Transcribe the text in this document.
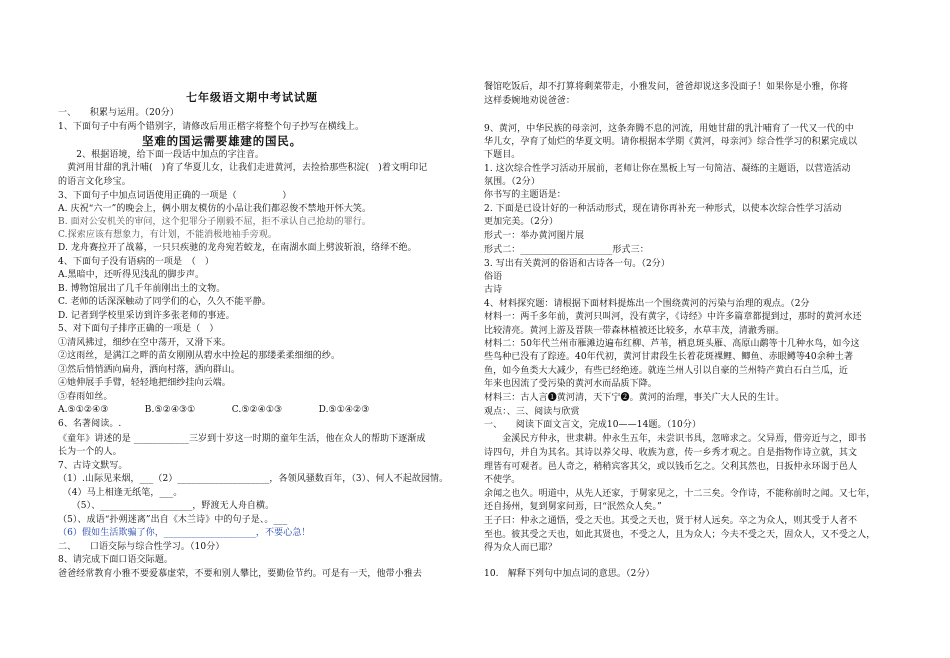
七年级语文期中考试试题
一、　　积累与运用。（20分）
1、下面句子中有两个错别字，请修改后用正楷字将整个句子抄写在横线上。
坚难的国运需要雄建的国民。
　　2、根据语境，给下面一段话中加点的字注音。
　黄河用甘甜的乳汁哺(　)育了华夏儿女，让我们走进黄河，去捡拾那些积淀(　)着文明印记
的语言文化珍宝。
3、下面句子中加点词语使用正确的一项是（　　　　　）
A. 庆祝“六一”的晚会上，俩小朋友模仿的小品让我们都忍俊不禁地开怀大笑。
B. 面对公安机关的审问，这个犯罪分子刚毅不屈，拒不承认自己抢劫的罪行。
C.探索应该有想象力，有计划，不能消极地袖手旁观。
D. 龙舟赛拉开了战幕，一只只疾驰的龙舟宛若蛟龙，在南湖水面上劈波斩浪，络绎不绝。
4、下面句子没有语病的一项是　（　）
A.黑暗中，还听得见浅乱的脚步声。
B. 博物馆展出了几千年前刚出土的文物。
C. 老师的话深深触动了同学们的心，久久不能平静。
D. 记者到学校里采访到许多张老师的事迹。
5、对下面句子排序正确的一项是（　）
①清风拂过，细纱在空中荡开，又滑下来。
②这雨丝，是满江之畔的苗女刚刚从碧水中捡起的那缕柔柔细细的纱。
③然后悄悄洒向扁舟，洒向村落，洒向群山。
④她伸展手手臂，轻轻地把细纱挂向云端。
⑤春雨如丝。
A.⑤①②④③　　　　B.⑤②④③①　　　　C.⑤②④①③　　　　D.⑤①④②③
6、名著阅读。.
《童年》讲述的是 ____________三岁到十岁这一时期的童年生活，他在众人的帮助下逐渐成
长为一个的人。
7、古诗文默写。
（1）.山际见来烟，___（2）____________________，各领风骚数百年，（3）、何人不起故园情。
　（4）马上相逢无纸笔，___。
　　（5）、____________________，野渡无人舟自横。
（5）、成语“扑朔迷离”出自《木兰诗》中的句子是、。___
（6）假如生活欺骗了你，____________________，不要心急！
二、　　口语交际与综合性学习。（10分）
8、请完成下面口语交际题。
爸爸经常教育小雅不要爱慕虚荣，不要和别人攀比，要勤俭节约。可是有一天，他带小雅去
餐馆吃饭后，却不打算将剩菜带走，小雅发问，爸爸却说这多没面子！如果你是小雅，你将
这样委婉地劝说爸爸：
9、黄河，中华民族的母亲河，这条奔腾不息的河流，用她甘甜的乳汁哺育了一代又一代的中
华儿女，孕育了灿烂的华夏文明。请你根据本学期《黄河，母亲河》综合性学习的积累完成以
下题目。
1. 这次综合性学习活动开展前，老师让你在黑板上写一句简洁、凝练的主题语，以营造活动
氛围。（2分）
你书写的主题语是：
2. 下面是已设计好的一种活动形式，现在请你再补充一种形式，以使本次综合性学习活动
更加完美。（2分）
形式一：举办黄河图片展
形式二：____________________形式三：
3. 写出有关黄河的俗语和古诗各一句。（2分）
俗语
古诗
4、材料探究题：请根据下面材料提炼出一个围绕黄河的污染与治理的观点。（2分
材料一：两千多年前，黄河只叫河，没有黄字，《诗经》中许多篇章都提到过，那时的黄河水还
比较清亮。黄河上游及晋陕一带森林植被还比较多，水草丰茂，清澈秀丽。
材料二：50年代兰州市雁滩边遍布红柳、芦苇，栖息斑头雁、高原山鹬等十几种水鸟，如今这
些鸟种已没有了踪迹。40年代初，黄河甘肃段生长着花斑裸鲤、鲫鱼、赤眼鳟等40余种土著
鱼，如今鱼类大大减少，有些已经绝迹。就连兰州人引以自豪的兰州特产黄白石白兰瓜，近
年来也因流了受污染的黄河水而品质下降。
材料三：古人言❶黄河清，天下宁❷。黄河的治理，事关广大人民的生计。
观点：、三、阅读与欣赏
一、　　阅读下面文言文，完成10——14题。（10分）
　　金溪民方仲永，世隶耕。仲永生五年，未尝识书具，忽啼求之。父异焉，借旁近与之，即书
诗四句，并自为其名。其诗以养父母、收族为意，传一乡秀才观之。自是指物作诗立就，其文
理皆有可观者。邑人奇之，稍稍宾客其父，或以钱币乞之。父利其然也，日扳仲永环谒于邑人
不使学。
余闻之也久。明道中，从先人还家，于舅家见之，十二三矣。令作诗，不能称前时之闻。又七年，
还自扬州，复到舅家问焉，曰“泯然众人矣。”
王子曰：仲永之通悟，受之天也。其受之天也，贤于材人远矣。卒之为众人，则其受于人者不
至也。彼其受之天也，如此其贤也，不受之人，且为众人；今夫不受之天，固众人，又不受之人，
得为众人而已耶？
10.　解释下列句中加点词的意思。（2分）
